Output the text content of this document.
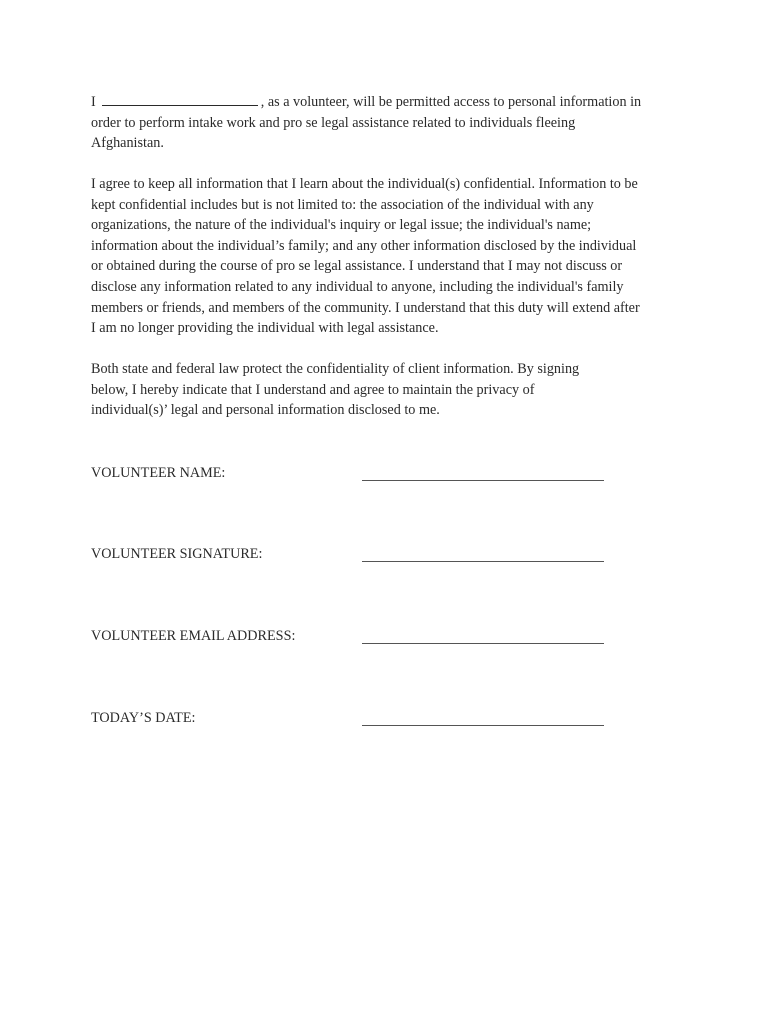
I	, as a volunteer, will be permitted access to personal information in
order to perform intake work and pro se legal assistance related to individuals fleeing
Afghanistan.

I agree to keep all information that I learn about the individual(s) confidential. Information to be
kept confidential includes but is not limited to: the association of the individual with any
organizations, the nature of the individual's inquiry or legal issue; the individual's name;
information about the individual’s family; and any other information disclosed by the individual
or obtained during the course of pro se legal assistance. I understand that I may not discuss or
disclose any information related to any individual to anyone, including the individual's family
members or friends, and members of the community. I understand that this duty will extend after
I am no longer providing the individual with legal assistance.

Both state and federal law protect the confidentiality of client information. By signing
below, I hereby indicate that I understand and agree to maintain the privacy of
individual(s)’ legal and personal information disclosed to me.

VOLUNTEER NAME:
VOLUNTEER SIGNATURE:
VOLUNTEER EMAIL ADDRESS:
TODAY’S DATE:
